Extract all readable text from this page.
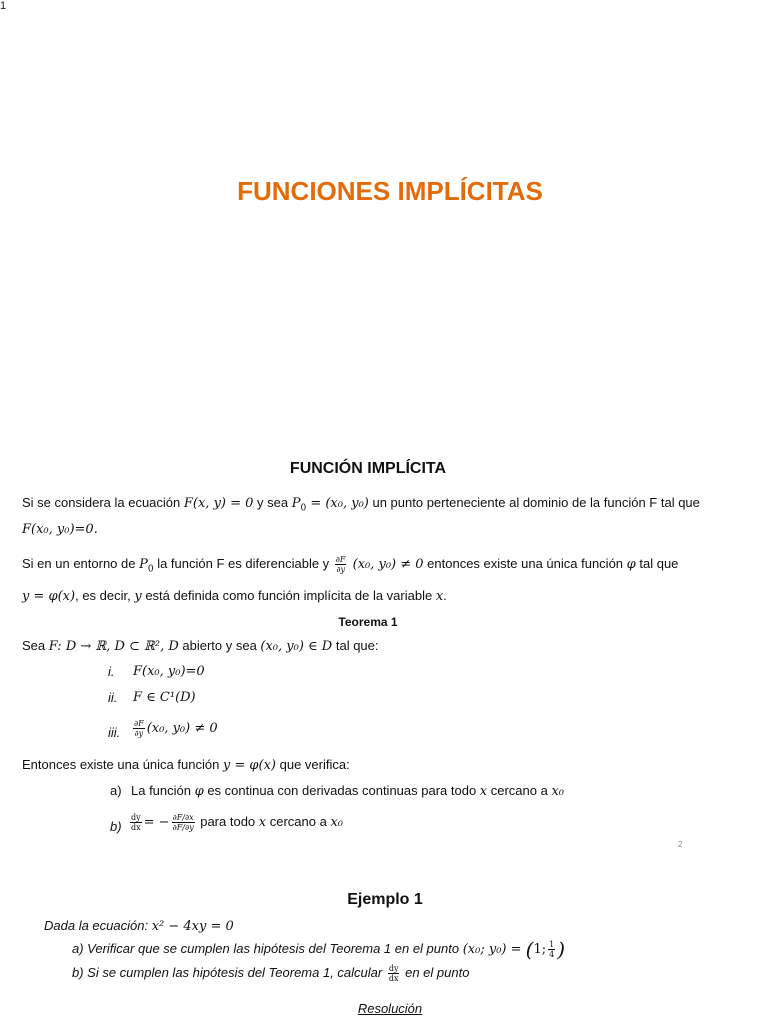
1
FUNCIONES IMPLÍCITAS
FUNCIÓN IMPLÍCITA
Si se considera la ecuación F(x, y) = 0 y sea $P_0 = (x_0$, y₀) un punto perteneciente al dominio de la función F tal que
F(x₀, y₀)=0.
Si en un entorno de $P_0$ la función F es diferenciable y $\frac{\partial F}{\partial y} (x_0$, y₀) ≠ 0 entonces existe una única función φ tal que
y = φ(x), es decir, y está definida como función implícita de la variable x.
Teorema 1
Sea F: D → ℝ, D ⊂ ℝ², D abierto y sea (x₀, y₀) ∈ D tal que:
i. F(x₀, y₀)=0
ii. F ∈ C¹(D)
iii. $\frac{\partial F}{\partial y} (x_0$, y₀) ≠ 0
Entonces existe una única función y = φ(x) que verifica:
a) La función φ es continua con derivadas continuas para todo x cercano a x₀
$b) \frac{dy}{dx}$ = − $\frac{\partial F/\partial x}{\partial F/\partial y}$ para todo x cercano a x₀
2
Ejemplo 1
Dada la ecuación: x² − 4xy = 0
a) Verificar que se cumplen las hipótesis del Teorema 1 en el punto (x₀; y₀) = (1; $\frac{1}{4}$ )
b) Si se cumplen las hipótesis del Teorema 1, calcular $\frac{dy}{dx}$ en el punto
Resolución
